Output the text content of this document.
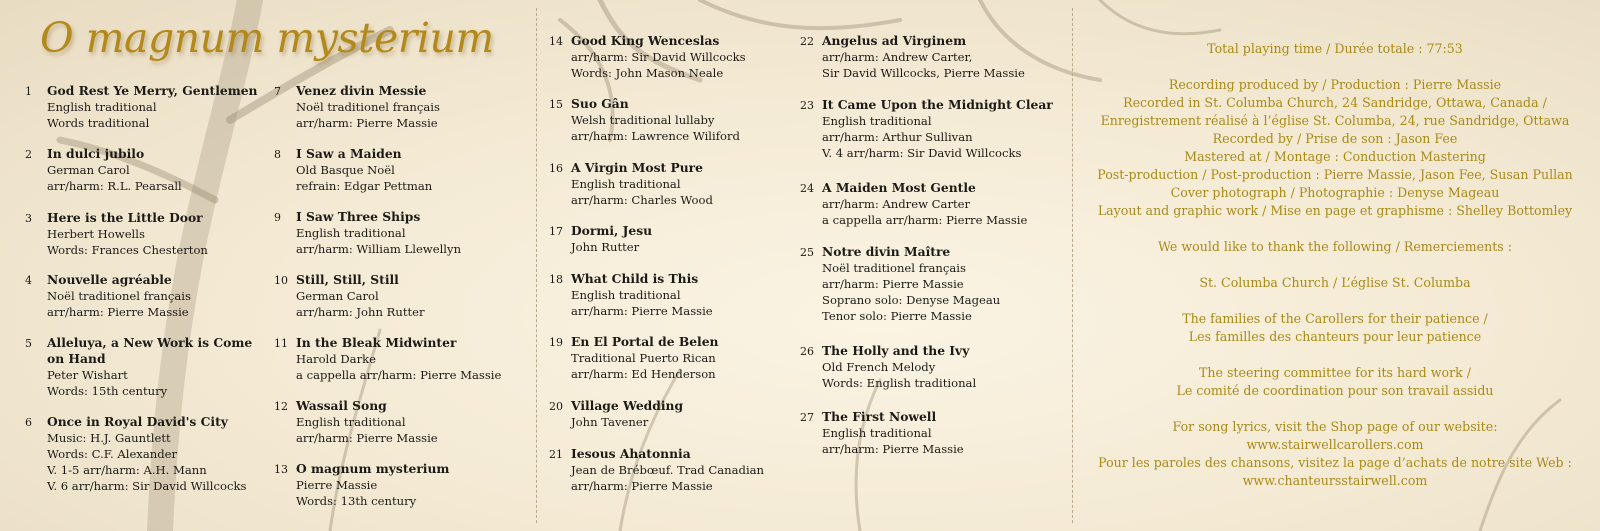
O magnum mysterium
1 God Rest Ye Merry, Gentlemen
English traditional
Words traditional
2 In dulci jubilo
German Carol
arr/harm: R.L. Pearsall
3 Here is the Little Door
Herbert Howells
Words: Frances Chesterton
4 Nouvelle agréable
Noël traditionel français
arr/harm: Pierre Massie
5 Alleluya, a New Work is Come
on Hand
Peter Wishart
Words: 15th century
6 Once in Royal David's City
Music: H.J. Gauntlett
Words: C.F. Alexander
V. 1-5 arr/harm: A.H. Mann
V. 6 arr/harm: Sir David Willcocks
7 Venez divin Messie
Noël traditionel français
arr/harm: Pierre Massie
8 I Saw a Maiden
Old Basque Noël
refrain: Edgar Pettman
9 I Saw Three Ships
English traditional
arr/harm: William Llewellyn
10 Still, Still, Still
German Carol
arr/harm: John Rutter
11 In the Bleak Midwinter
Harold Darke
a cappella arr/harm: Pierre Massie
12 Wassail Song
English traditional
arr/harm: Pierre Massie
13 O magnum mysterium
Pierre Massie
Words: 13th century
14 Good King Wenceslas
arr/harm: Sir David Willcocks
Words: John Mason Neale
15 Suo Gân
Welsh traditional lullaby
arr/harm: Lawrence Wiliford
16 A Virgin Most Pure
English traditional
arr/harm: Charles Wood
17 Dormi, Jesu
John Rutter
18 What Child is This
English traditional
arr/harm: Pierre Massie
19 En El Portal de Belen
Traditional Puerto Rican
arr/harm: Ed Henderson
20 Village Wedding
John Tavener
21 Iesous Ahatonnia
Jean de Brébœuf. Trad Canadian
arr/harm: Pierre Massie
22 Angelus ad Virginem
arr/harm: Andrew Carter,
Sir David Willcocks, Pierre Massie
23 It Came Upon the Midnight Clear
English traditional
arr/harm: Arthur Sullivan
V. 4 arr/harm: Sir David Willcocks
24 A Maiden Most Gentle
arr/harm: Andrew Carter
a cappella arr/harm: Pierre Massie
25 Notre divin Maître
Noël traditionel français
arr/harm: Pierre Massie
Soprano solo: Denyse Mageau
Tenor solo: Pierre Massie
26 The Holly and the Ivy
Old French Melody
Words: English traditional
27 The First Nowell
English traditional
arr/harm: Pierre Massie
Total playing time / Durée totale : 77:53
Recording produced by / Production : Pierre Massie
Recorded in St. Columba Church, 24 Sandridge, Ottawa, Canada /
Enregistrement réalisé à l’église St. Columba, 24, rue Sandridge, Ottawa
Recorded by / Prise de son : Jason Fee
Mastered at / Montage : Conduction Mastering
Post-production / Post-production : Pierre Massie, Jason Fee, Susan Pullan
Cover photograph / Photographie : Denyse Mageau
Layout and graphic work / Mise en page et graphisme : Shelley Bottomley
We would like to thank the following / Remerciements :
St. Columba Church / L’église St. Columba
The families of the Carollers for their patience /
Les familles des chanteurs pour leur patience
The steering committee for its hard work /
Le comité de coordination pour son travail assidu
For song lyrics, visit the Shop page of our website:
www.stairwellcarollers.com
Pour les paroles des chansons, visitez la page d’achats de notre site Web :
www.chanteursstairwell.com
